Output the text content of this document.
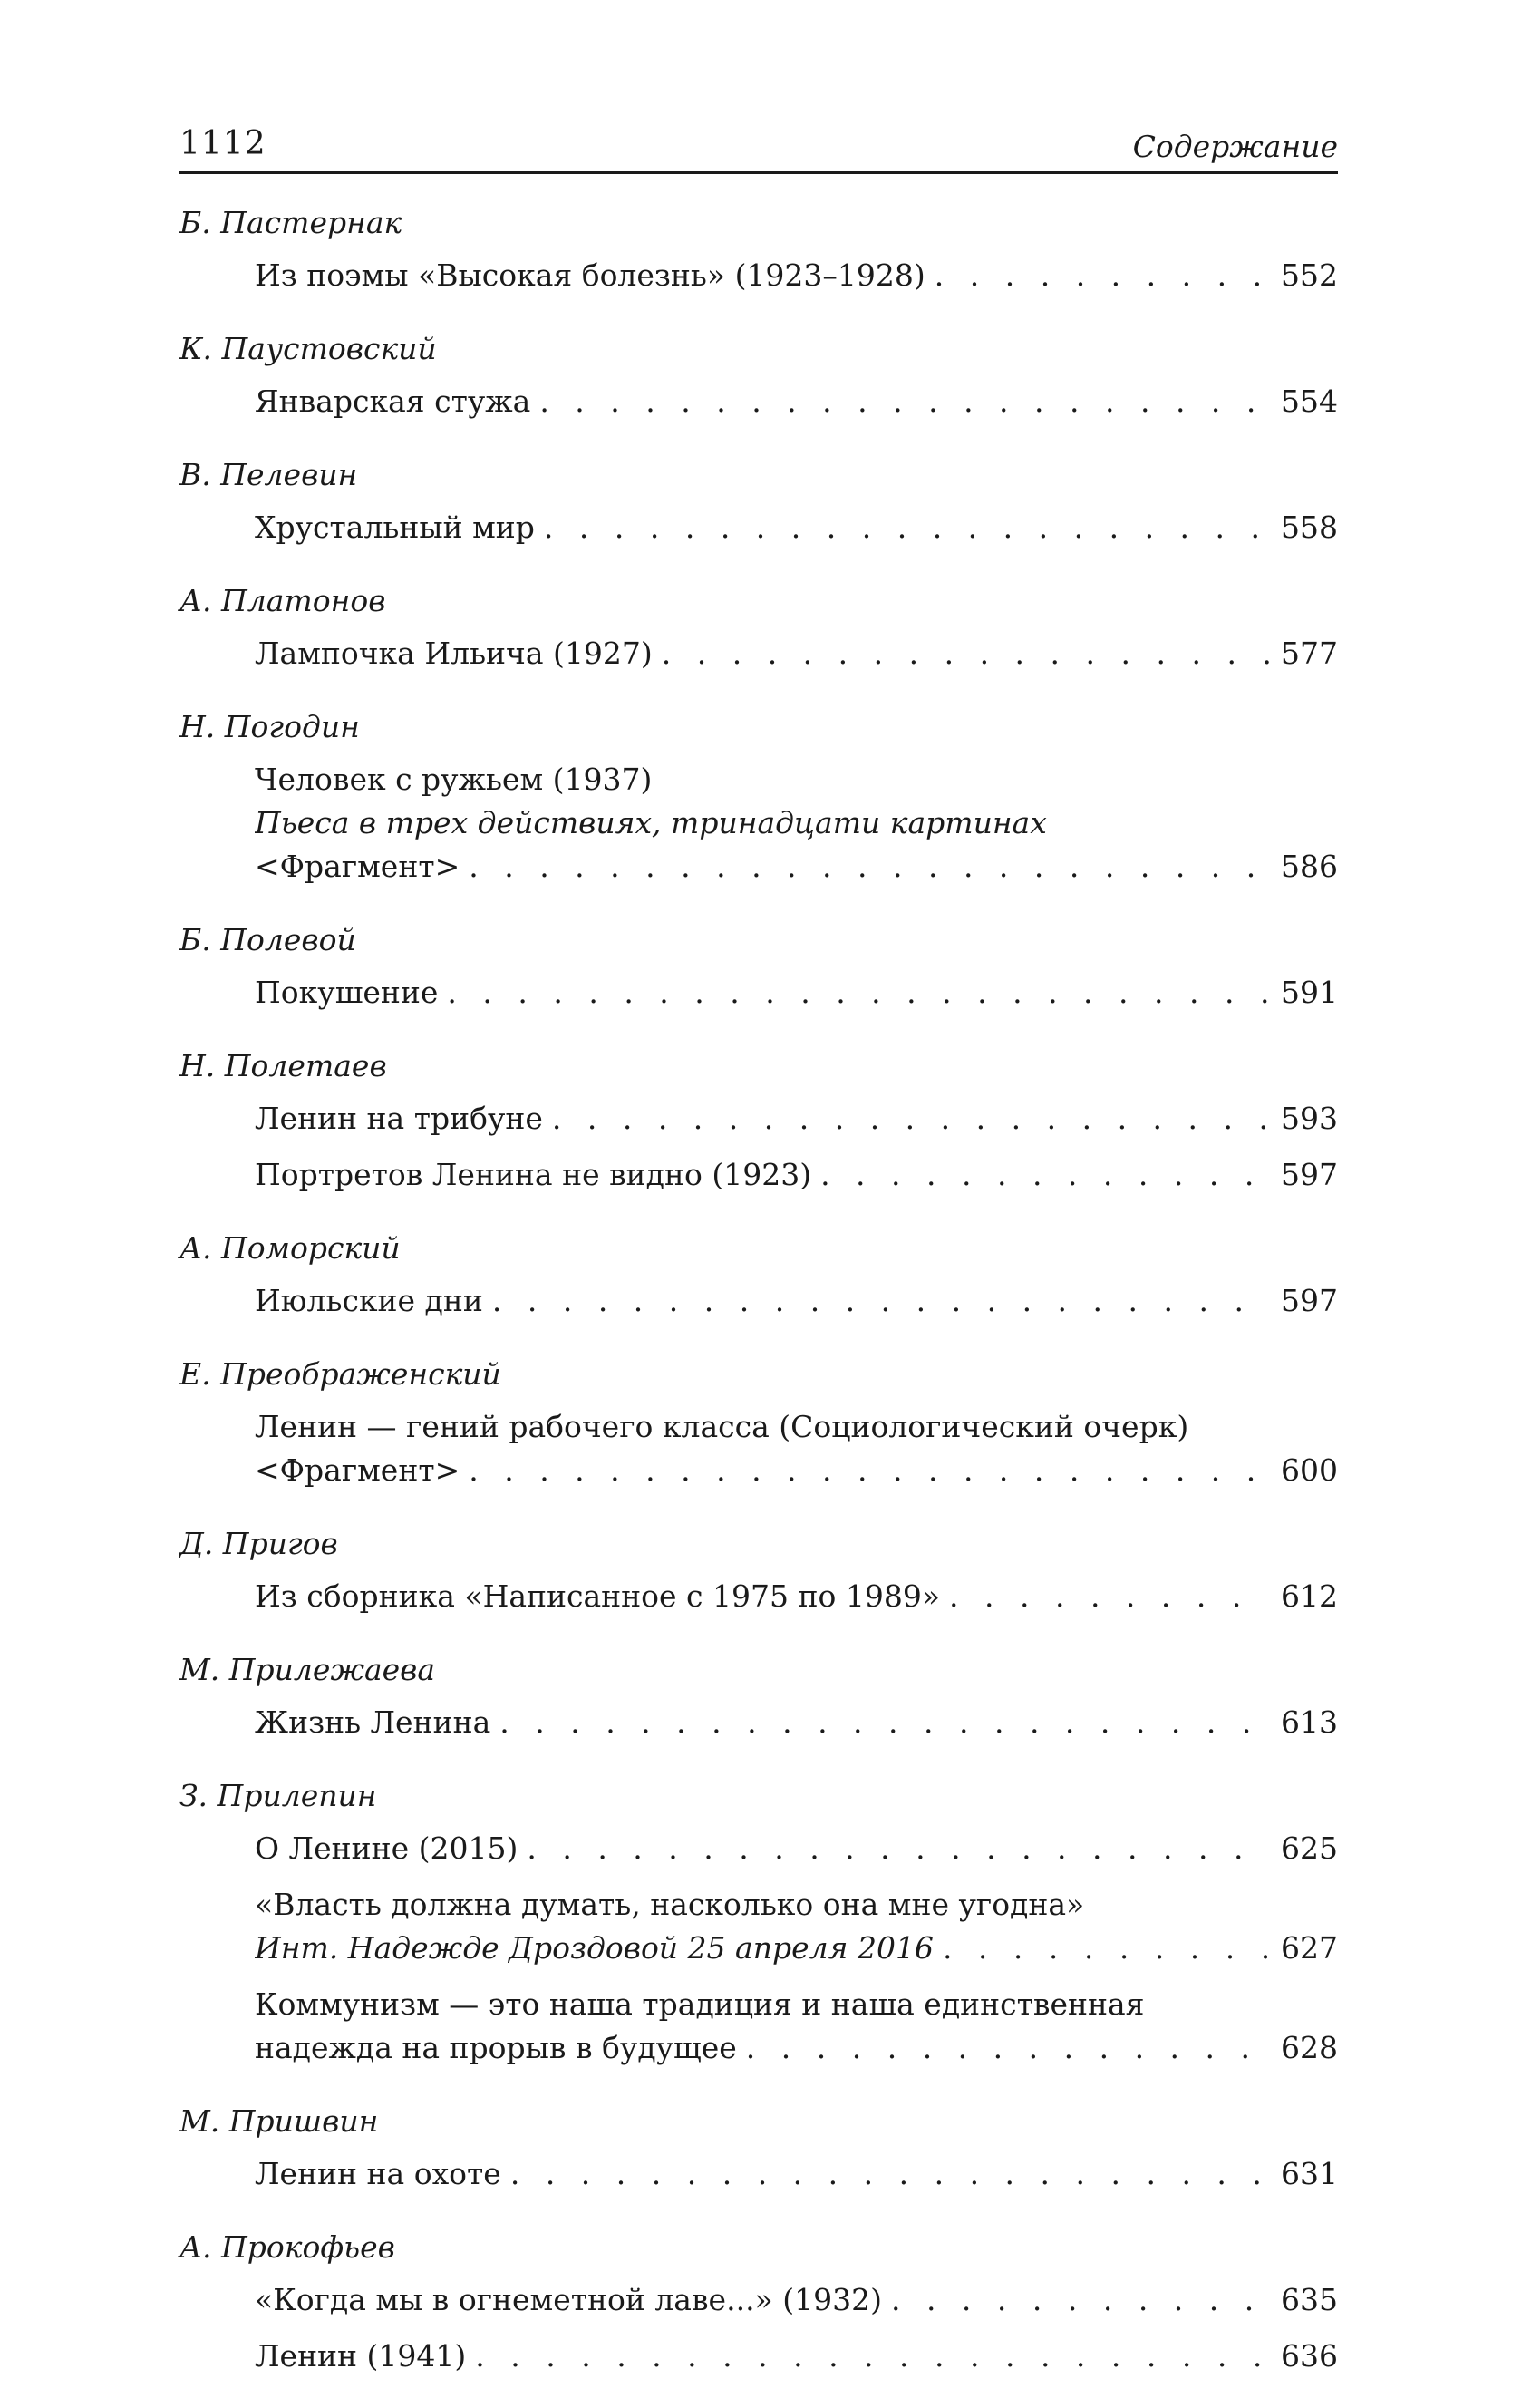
1112	Содержание
Б. Пастернак
Из поэмы «Высокая болезнь» (1923–1928) . . .	552
К. Паустовский
Январская стужа . . .	554
В. Пелевин
Хрустальный мир . . .	558
А. Платонов
Лампочка Ильича (1927) . . .	577
Н. Погодин
Человек с ружьем (1937)
Пьеса в трех действиях, тринадцати картинах
<Фрагмент> . . .	586
Б. Полевой
Покушение . . .	591
Н. Полетаев
Ленин на трибуне . . .	593
Портретов Ленина не видно (1923) . . .	597
А. Поморский
Июльские дни . . .	597
Е. Преображенский
Ленин — гений рабочего класса (Социологический очерк)
<Фрагмент> . . .	600
Д. Пригов
Из сборника «Написанное с 1975 по 1989» . . .	612
М. Прилежаева
Жизнь Ленина . . .	613
З. Прилепин
О Ленине (2015) . . .	625
«Власть должна думать, насколько она мне угодна»
Инт. Надежде Дроздовой 25 апреля 2016 . . .	627
Коммунизм — это наша традиция и наша единственная
надежда на прорыв в будущее . . .	628
М. Пришвин
Ленин на охоте . . .	631
А. Прокофьев
«Когда мы в огнеметной лаве...» (1932) . . .	635
Ленин (1941) . . .	636
